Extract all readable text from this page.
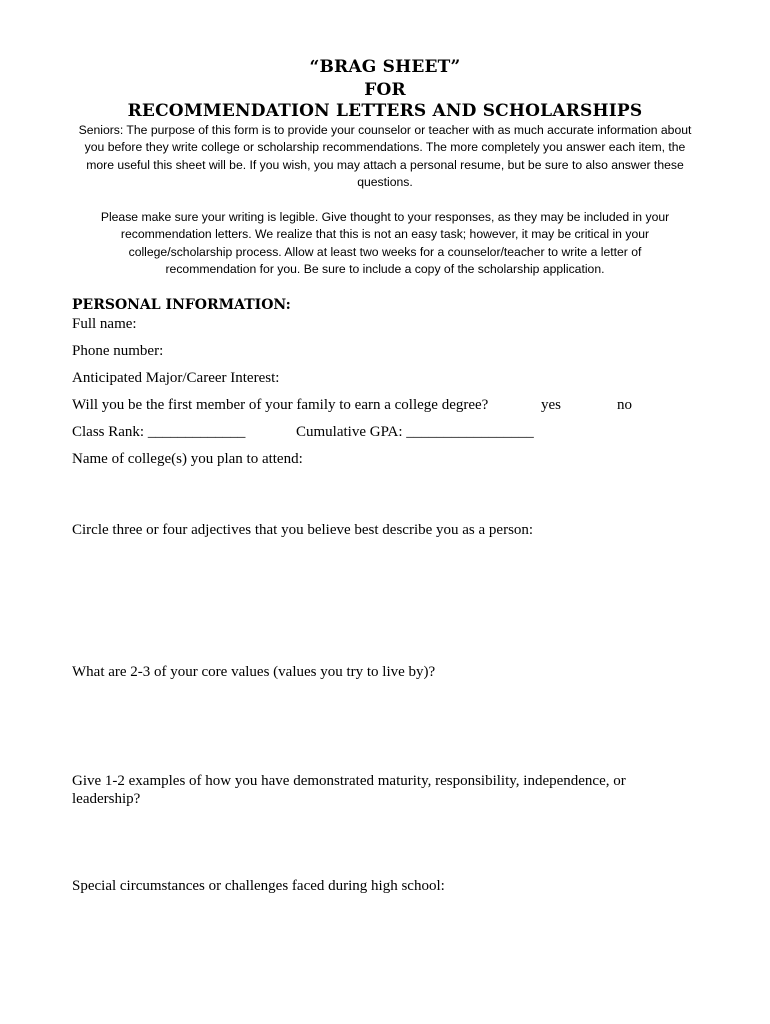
“BRAG SHEET”
FOR
RECOMMENDATION LETTERS AND SCHOLARSHIPS

Seniors: The purpose of this form is to provide your counselor or teacher with as much accurate information about you before they write college or scholarship recommendations. The more completely you answer each item, the more useful this sheet will be. If you wish, you may attach a personal resume, but be sure to also answer these questions.

Please make sure your writing is legible. Give thought to your responses, as they may be included in your recommendation letters. We realize that this is not an easy task; however, it may be critical in your college/scholarship process. Allow at least two weeks for a counselor/teacher to write a letter of recommendation for you. Be sure to include a copy of the scholarship application.

PERSONAL INFORMATION:
Full name:
Phone number:
Anticipated Major/Career Interest:
Will you be the first member of your family to earn a college degree?	yes	no
Class Rank: _____________	Cumulative GPA: _________________
Name of college(s) you plan to attend:
Circle three or four adjectives that you believe best describe you as a person:
What are 2-3 of your core values (values you try to live by)?
Give 1-2 examples of how you have demonstrated maturity, responsibility, independence, or leadership?
Special circumstances or challenges faced during high school:
